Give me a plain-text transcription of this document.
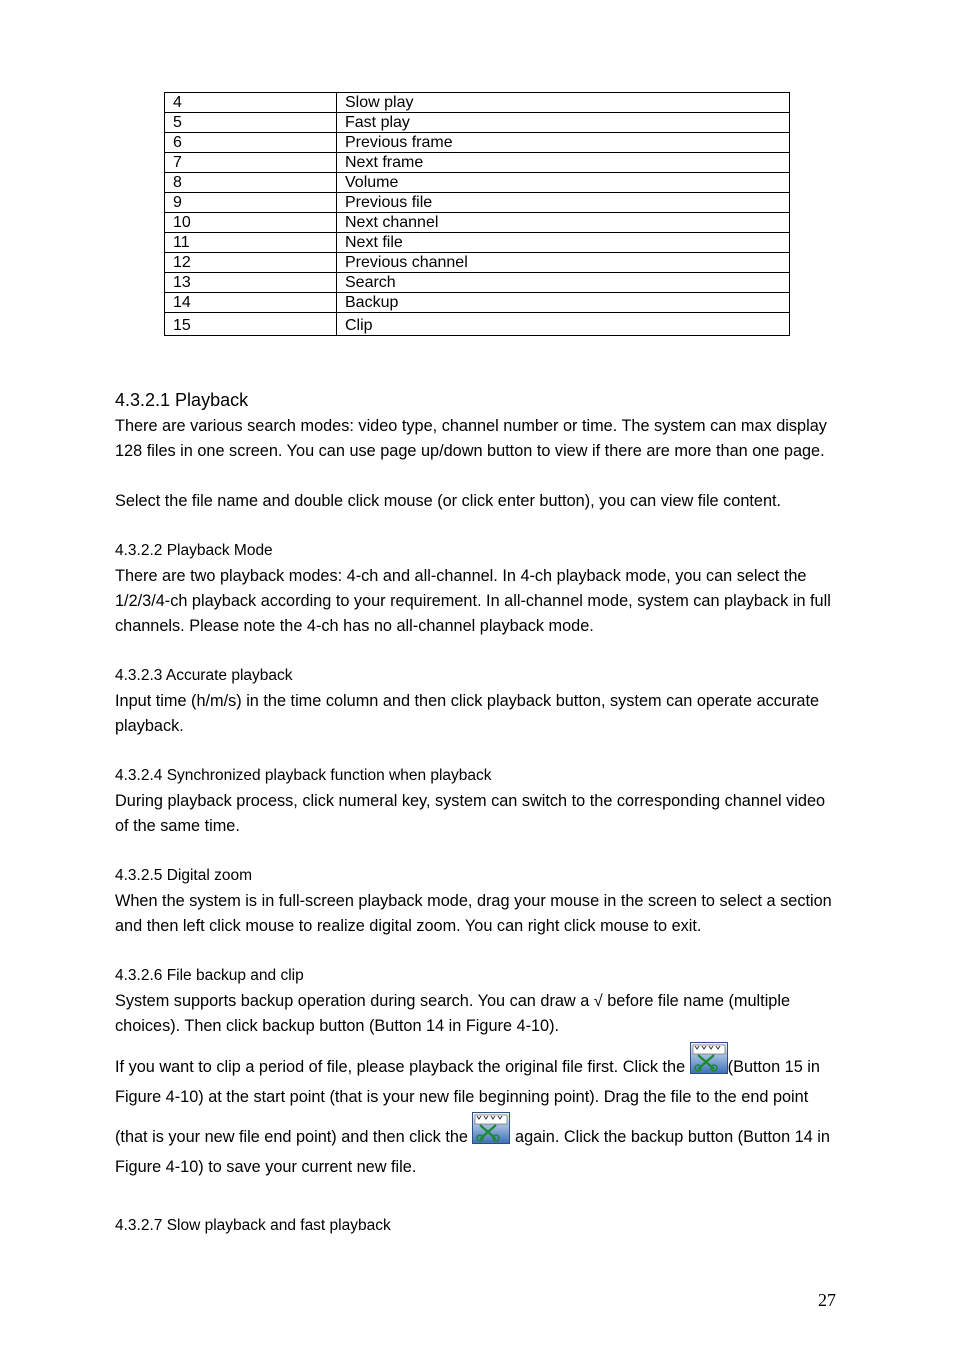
4	Slow play
5	Fast play
6	Previous frame
7	Next frame
8	Volume
9	Previous file
10	Next channel
11	Next file
12	Previous channel
13	Search
14	Backup
15	Clip
4.3.2.1 Playback
There are various search modes: video type, channel number or time. The system can max display 128 files in one screen. You can use page up/down button to view if there are more than one page.
Select the file name and double click mouse (or click enter button), you can view file content.
4.3.2.2 Playback Mode
There are two playback modes: 4-ch and all-channel. In 4-ch playback mode, you can select the 1/2/3/4-ch playback according to your requirement. In all-channel mode, system can playback in full channels. Please note the 4-ch has no all-channel playback mode.
4.3.2.3 Accurate playback
Input time (h/m/s) in the time column and then click playback button, system can operate accurate playback.
4.3.2.4 Synchronized playback function when playback
During playback process, click numeral key, system can switch to the corresponding channel video of the same time.
4.3.2.5 Digital zoom
When the system is in full-screen playback mode, drag your mouse in the screen to select a section and then left click mouse to realize digital zoom. You can right click mouse to exit.
4.3.2.6 File backup and clip
System supports backup operation during search. You can draw a √ before file name (multiple choices). Then click backup button (Button 14 in Figure 4-10).
If you want to clip a period of file, please playback the original file first. Click the (Button 15 in Figure 4-10) at the start point (that is your new file beginning point). Drag the file to the end point (that is your new file end point) and then click the  again. Click the backup button (Button 14 in Figure 4-10) to save your current new file.
4.3.2.7 Slow playback and fast playback
27
